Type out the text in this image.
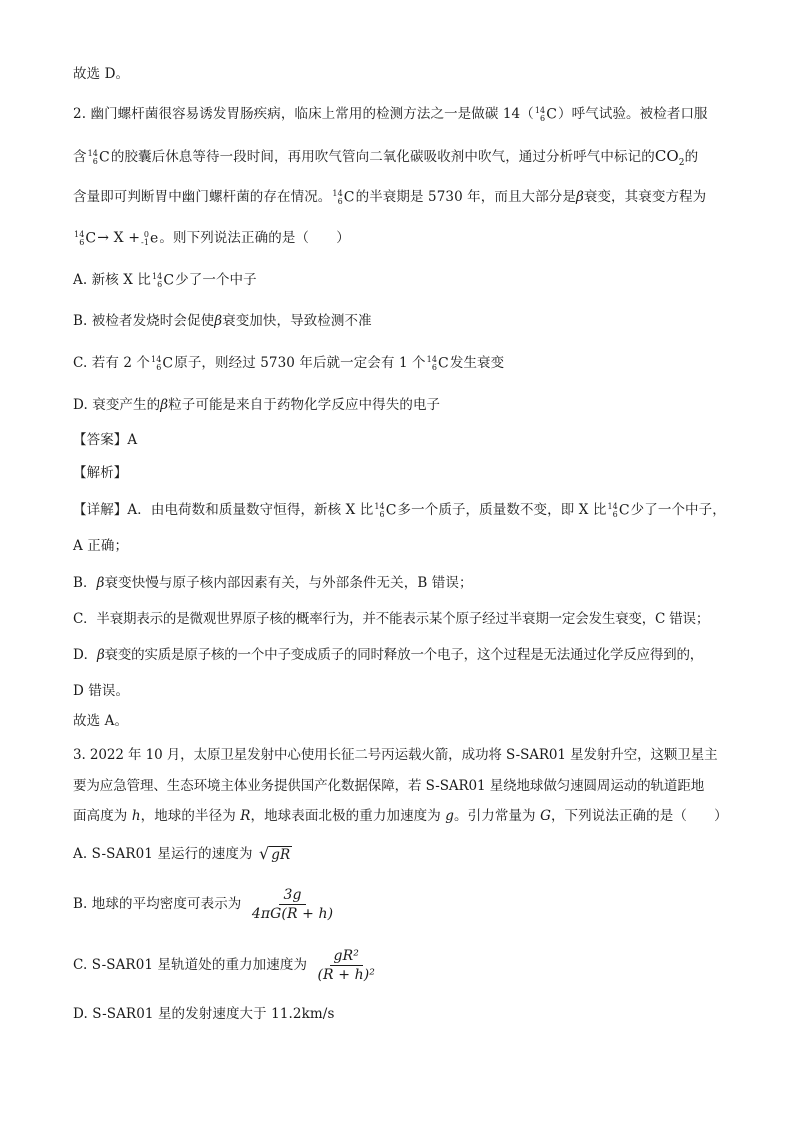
故选 D。
2. 幽门螺杆菌很容易诱发胃肠疾病，临床上常用的检测方法之一是做碳 14（ 14
6 C）呼气试验。被检者口服
含 14
6 C的胶囊后休息等待一段时间，再用吹气管向二氧化碳吸收剂中吹气，通过分析呼气中标记的$CO_2$的
含量即可判断胃中幽门螺杆菌的存在情况。 14
6 C的半衰期是 5730 年，而且大部分是β衰变，其衰变方程为
14
6 C→ X + 0
-1 e。则下列说法正确的是（　　）
A. 新核 X 比 14
6 C少了一个中子
B. 被检者发烧时会促使β衰变加快，导致检测不准
C. 若有 2 个 14
6 C原子，则经过 5730 年后就一定会有 1 个 14
6 C发生衰变
D. 衰变产生的β粒子可能是来自于药物化学反应中得失的电子
【答案】A
【解析】
【详解】A．由电荷数和质量数守恒得，新核 X 比 14
6 C多一个质子，质量数不变，即 X 比 14
6 C少了一个中子，
A 正确；
B．β衰变快慢与原子核内部因素有关，与外部条件无关，B 错误；
C．半衰期表示的是微观世界原子核的概率行为，并不能表示某个原子经过半衰期一定会发生衰变，C 错误；
D．β衰变的实质是原子核的一个中子变成质子的同时释放一个电子，这个过程是无法通过化学反应得到的，
D 错误。
故选 A。
3. 2022 年 10 月，太原卫星发射中心使用长征二号丙运载火箭，成功将 S-SAR01 星发射升空，这颗卫星主
要为应急管理、生态环境主体业务提供国产化数据保障，若 S-SAR01 星绕地球做匀速圆周运动的轨道距地
面高度为 h，地球的半径为 R，地球表面北极的重力加速度为 g。引力常量为 G，下列说法正确的是（　　）
A. S-SAR01 星运行的速度为 √ gR
B. 地球的平均密度可表示为 $\frac{3g}{4\pi G(R + h)}$
C. S-SAR01 星轨道处的重力加速度为 $\frac{\text{gR²}}{\text{(R + h)²}}$
D. S-SAR01 星的发射速度大于 11.2km/s
